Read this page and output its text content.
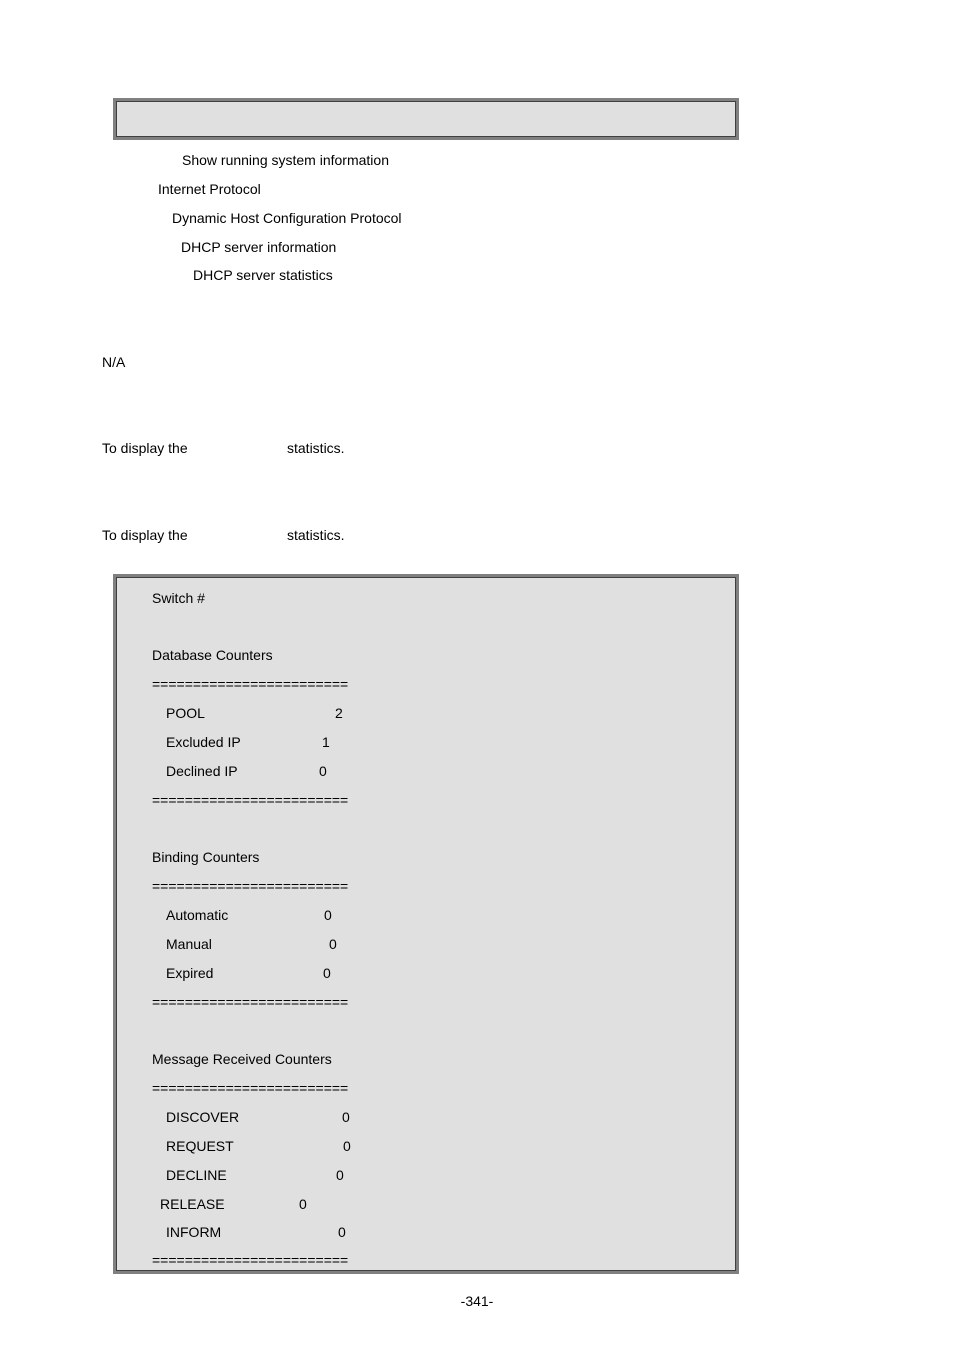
Show running system information
Internet Protocol
Dynamic Host Configuration Protocol
DHCP server information
DHCP server statistics
N/A
To display the	statistics.
To display the	statistics.
Switch #
Database Counters
========================
POOL	2
Excluded IP	1
Declined IP	0
========================
Binding Counters
========================
Automatic	0
Manual	0
Expired	0
========================
Message Received Counters
========================
DISCOVER	0
REQUEST	0
DECLINE	0
RELEASE	0
INFORM	0
========================
-341-
